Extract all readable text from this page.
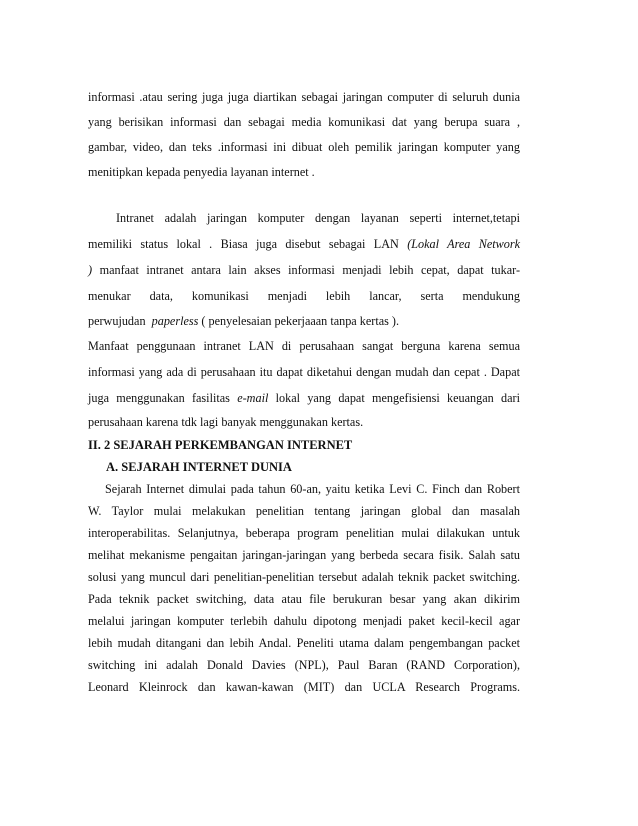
informasi .atau sering juga juga diartikan sebagai jaringan computer di seluruh dunia
yang berisikan informasi dan sebagai media komunikasi dat yang berupa suara ,
gambar, video, dan teks .informasi ini dibuat oleh pemilik jaringan komputer yang
menitipkan kepada penyedia layanan internet .
Intranet adalah jaringan komputer dengan layanan seperti internet,tetapi
memiliki status lokal . Biasa juga disebut sebagai LAN (Lokal Area Network
) manfaat intranet antara lain akses informasi menjadi lebih cepat, dapat tukar-
menukar data, komunikasi menjadi lebih lancar, serta mendukung
perwujudan paperless ( penyelesaian pekerjaaan tanpa kertas ).
Manfaat penggunaan intranet LAN di perusahaan sangat berguna karena semua
informasi yang ada di perusahaan itu dapat diketahui dengan mudah dan cepat . Dapat
juga menggunakan fasilitas e-mail lokal yang dapat mengefisiensi keuangan dari
perusahaan karena tdk lagi banyak menggunakan kertas.
II. 2 SEJARAH PERKEMBANGAN INTERNET
A. SEJARAH INTERNET DUNIA
Sejarah Internet dimulai pada tahun 60-an, yaitu ketika Levi C. Finch dan Robert
W. Taylor mulai melakukan penelitian tentang jaringan global dan masalah
interoperabilitas. Selanjutnya, beberapa program penelitian mulai dilakukan untuk
melihat mekanisme pengaitan jaringan-jaringan yang berbeda secara fisik. Salah satu
solusi yang muncul dari penelitian-penelitian tersebut adalah teknik packet switching.
Pada teknik packet switching, data atau file berukuran besar yang akan dikirim
melalui jaringan komputer terlebih dahulu dipotong menjadi paket kecil-kecil agar
lebih mudah ditangani dan lebih Andal. Peneliti utama dalam pengembangan packet
switching ini adalah Donald Davies (NPL), Paul Baran (RAND Corporation),
Leonard Kleinrock dan kawan-kawan (MIT) dan UCLA Research Programs.
